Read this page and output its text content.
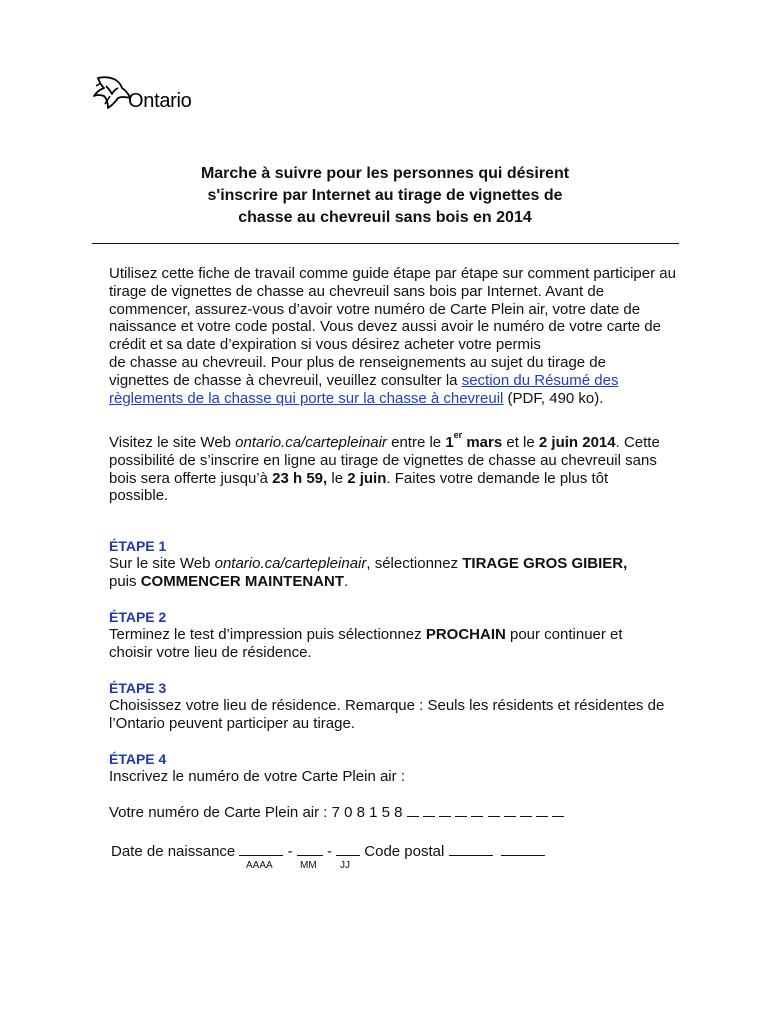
Ontario
Marche à suivre pour les personnes qui désirent
s'inscrire par Internet au tirage de vignettes de
chasse au chevreuil sans bois en 2014

Utilisez cette fiche de travail comme guide étape par étape sur comment participer au
tirage de vignettes de chasse au chevreuil sans bois par Internet. Avant de
commencer, assurez-vous d’avoir votre numéro de Carte Plein air, votre date de
naissance et votre code postal. Vous devez aussi avoir le numéro de votre carte de
crédit et sa date d’expiration si vous désirez acheter votre permis
de chasse au chevreuil. Pour plus de renseignements au sujet du tirage de
vignettes de chasse à chevreuil, veuillez consulter la section du Résumé des
règlements de la chasse qui porte sur la chasse à chevreuil (PDF, 490 ko).

Visitez le site Web ontario.ca/cartepleinair entre le 1er mars et le 2 juin 2014. Cette
possibilité de s’inscrire en ligne au tirage de vignettes de chasse au chevreuil sans
bois sera offerte jusqu’à 23 h 59, le 2 juin. Faites votre demande le plus tôt
possible.

ÉTAPE 1

Sur le site Web ontario.ca/cartepleinair, sélectionnez TIRAGE GROS GIBIER,
puis COMMENCER MAINTENANT.

ÉTAPE 2

Terminez le test d’impression puis sélectionnez PROCHAIN pour continuer et
choisir votre lieu de résidence.

ÉTAPE 3

Choisissez votre lieu de résidence. Remarque : Seuls les résidents et résidentes de
l’Ontario peuvent participer au tirage.

ÉTAPE 4

Inscrivez le numéro de votre Carte Plein air :

Votre numéro de Carte Plein air : 7 0 8 1 5 8
Date de naissance	- - Code postal
AAAA	MM JJ
